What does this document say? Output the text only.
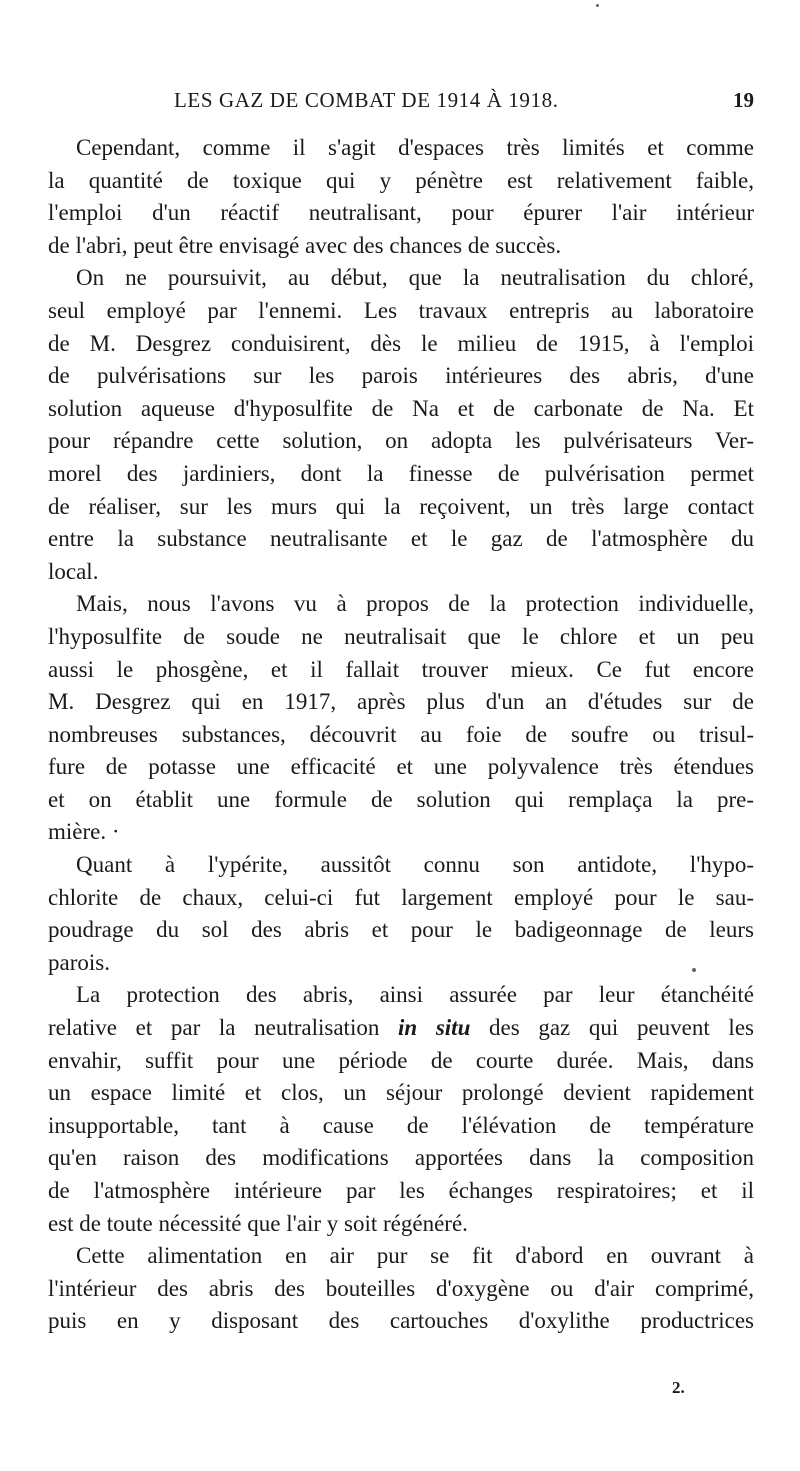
LES GAZ DE COMBAT DE 1914 À 1918.	19
Cependant, comme il s'agit d'espaces très limités et comme
la quantité de toxique qui y pénètre est relativement faible,
l'emploi d'un réactif neutralisant, pour épurer l'air intérieur
de l'abri, peut être envisagé avec des chances de succès.
On ne poursuivit, au début, que la neutralisation du chloré,
seul employé par l'ennemi. Les travaux entrepris au laboratoire
de M. Desgrez conduisirent, dès le milieu de 1915, à l'emploi
de pulvérisations sur les parois intérieures des abris, d'une
solution aqueuse d'hyposulfite de Na et de carbonate de Na. Et
pour répandre cette solution, on adopta les pulvérisateurs Ver-
morel des jardiniers, dont la finesse de pulvérisation permet
de réaliser, sur les murs qui la reçoivent, un très large contact
entre la substance neutralisante et le gaz de l'atmosphère du
local.
Mais, nous l'avons vu à propos de la protection individuelle,
l'hyposulfite de soude ne neutralisait que le chlore et un peu
aussi le phosgène, et il fallait trouver mieux. Ce fut encore
M. Desgrez qui en 1917, après plus d'un an d'études sur de
nombreuses substances, découvrit au foie de soufre ou trisul-
fure de potasse une efficacité et une polyvalence très étendues
et on établit une formule de solution qui remplaça la pre-
mière. ·
Quant à l'ypérite, aussitôt connu son antidote, l'hypo-
chlorite de chaux, celui-ci fut largement employé pour le sau-
poudrage du sol des abris et pour le badigeonnage de leurs
parois.
La protection des abris, ainsi assurée par leur étanchéité
relative et par la neutralisation in situ des gaz qui peuvent les
envahir, suffit pour une période de courte durée. Mais, dans
un espace limité et clos, un séjour prolongé devient rapidement
insupportable, tant à cause de l'élévation de température
qu'en raison des modifications apportées dans la composition
de l'atmosphère intérieure par les échanges respiratoires; et il
est de toute nécessité que l'air y soit régénéré.
Cette alimentation en air pur se fit d'abord en ouvrant à
l'intérieur des abris des bouteilles d'oxygène ou d'air comprimé,
puis en y disposant des cartouches d'oxylithe productrices
2.
